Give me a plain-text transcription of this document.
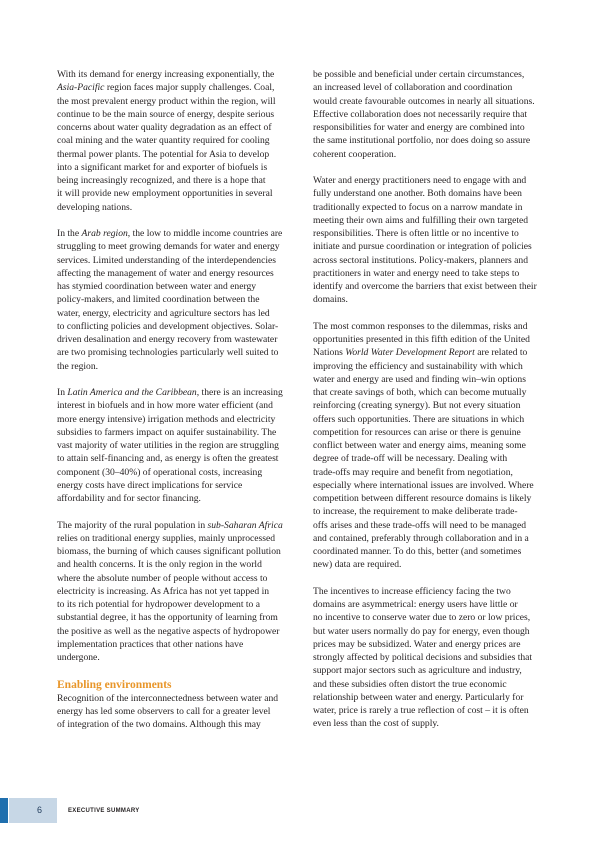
With its demand for energy increasing exponentially, the
Asia-Pacific region faces major supply challenges. Coal,
the most prevalent energy product within the region, will
continue to be the main source of energy, despite serious
concerns about water quality degradation as an effect of
coal mining and the water quantity required for cooling
thermal power plants. The potential for Asia to develop
into a significant market for and exporter of biofuels is
being increasingly recognized, and there is a hope that
it will provide new employment opportunities in several
developing nations.
In the Arab region, the low to middle income countries are
struggling to meet growing demands for water and energy
services. Limited understanding of the interdependencies
affecting the management of water and energy resources
has stymied coordination between water and energy
policy-makers, and limited coordination between the
water, energy, electricity and agriculture sectors has led
to conflicting policies and development objectives. Solar-
driven desalination and energy recovery from wastewater
are two promising technologies particularly well suited to
the region.
In Latin America and the Caribbean, there is an increasing
interest in biofuels and in how more water efficient (and
more energy intensive) irrigation methods and electricity
subsidies to farmers impact on aquifer sustainability. The
vast majority of water utilities in the region are struggling
to attain self-financing and, as energy is often the greatest
component (30–40%) of operational costs, increasing
energy costs have direct implications for service
affordability and for sector financing.
The majority of the rural population in sub-Saharan Africa
relies on traditional energy supplies, mainly unprocessed
biomass, the burning of which causes significant pollution
and health concerns. It is the only region in the world
where the absolute number of people without access to
electricity is increasing. As Africa has not yet tapped in
to its rich potential for hydropower development to a
substantial degree, it has the opportunity of learning from
the positive as well as the negative aspects of hydropower
implementation practices that other nations have
undergone.
Enabling environments
Recognition of the interconnectedness between water and
energy has led some observers to call for a greater level
of integration of the two domains. Although this may
be possible and beneficial under certain circumstances,
an increased level of collaboration and coordination
would create favourable outcomes in nearly all situations.
Effective collaboration does not necessarily require that
responsibilities for water and energy are combined into
the same institutional portfolio, nor does doing so assure
coherent cooperation.
Water and energy practitioners need to engage with and
fully understand one another. Both domains have been
traditionally expected to focus on a narrow mandate in
meeting their own aims and fulfilling their own targeted
responsibilities. There is often little or no incentive to
initiate and pursue coordination or integration of policies
across sectoral institutions. Policy-makers, planners and
practitioners in water and energy need to take steps to
identify and overcome the barriers that exist between their
domains.
The most common responses to the dilemmas, risks and
opportunities presented in this fifth edition of the United
Nations World Water Development Report are related to
improving the efficiency and sustainability with which
water and energy are used and finding win–win options
that create savings of both, which can become mutually
reinforcing (creating synergy). But not every situation
offers such opportunities. There are situations in which
competition for resources can arise or there is genuine
conflict between water and energy aims, meaning some
degree of trade-off will be necessary. Dealing with
trade-offs may require and benefit from negotiation,
especially where international issues are involved. Where
competition between different resource domains is likely
to increase, the requirement to make deliberate trade-
offs arises and these trade-offs will need to be managed
and contained, preferably through collaboration and in a
coordinated manner. To do this, better (and sometimes
new) data are required.
The incentives to increase efficiency facing the two
domains are asymmetrical: energy users have little or
no incentive to conserve water due to zero or low prices,
but water users normally do pay for energy, even though
prices may be subsidized. Water and energy prices are
strongly affected by political decisions and subsidies that
support major sectors such as agriculture and industry,
and these subsidies often distort the true economic
relationship between water and energy. Particularly for
water, price is rarely a true reflection of cost – it is often
even less than the cost of supply.
6	EXECUTIVE SUMMARY
